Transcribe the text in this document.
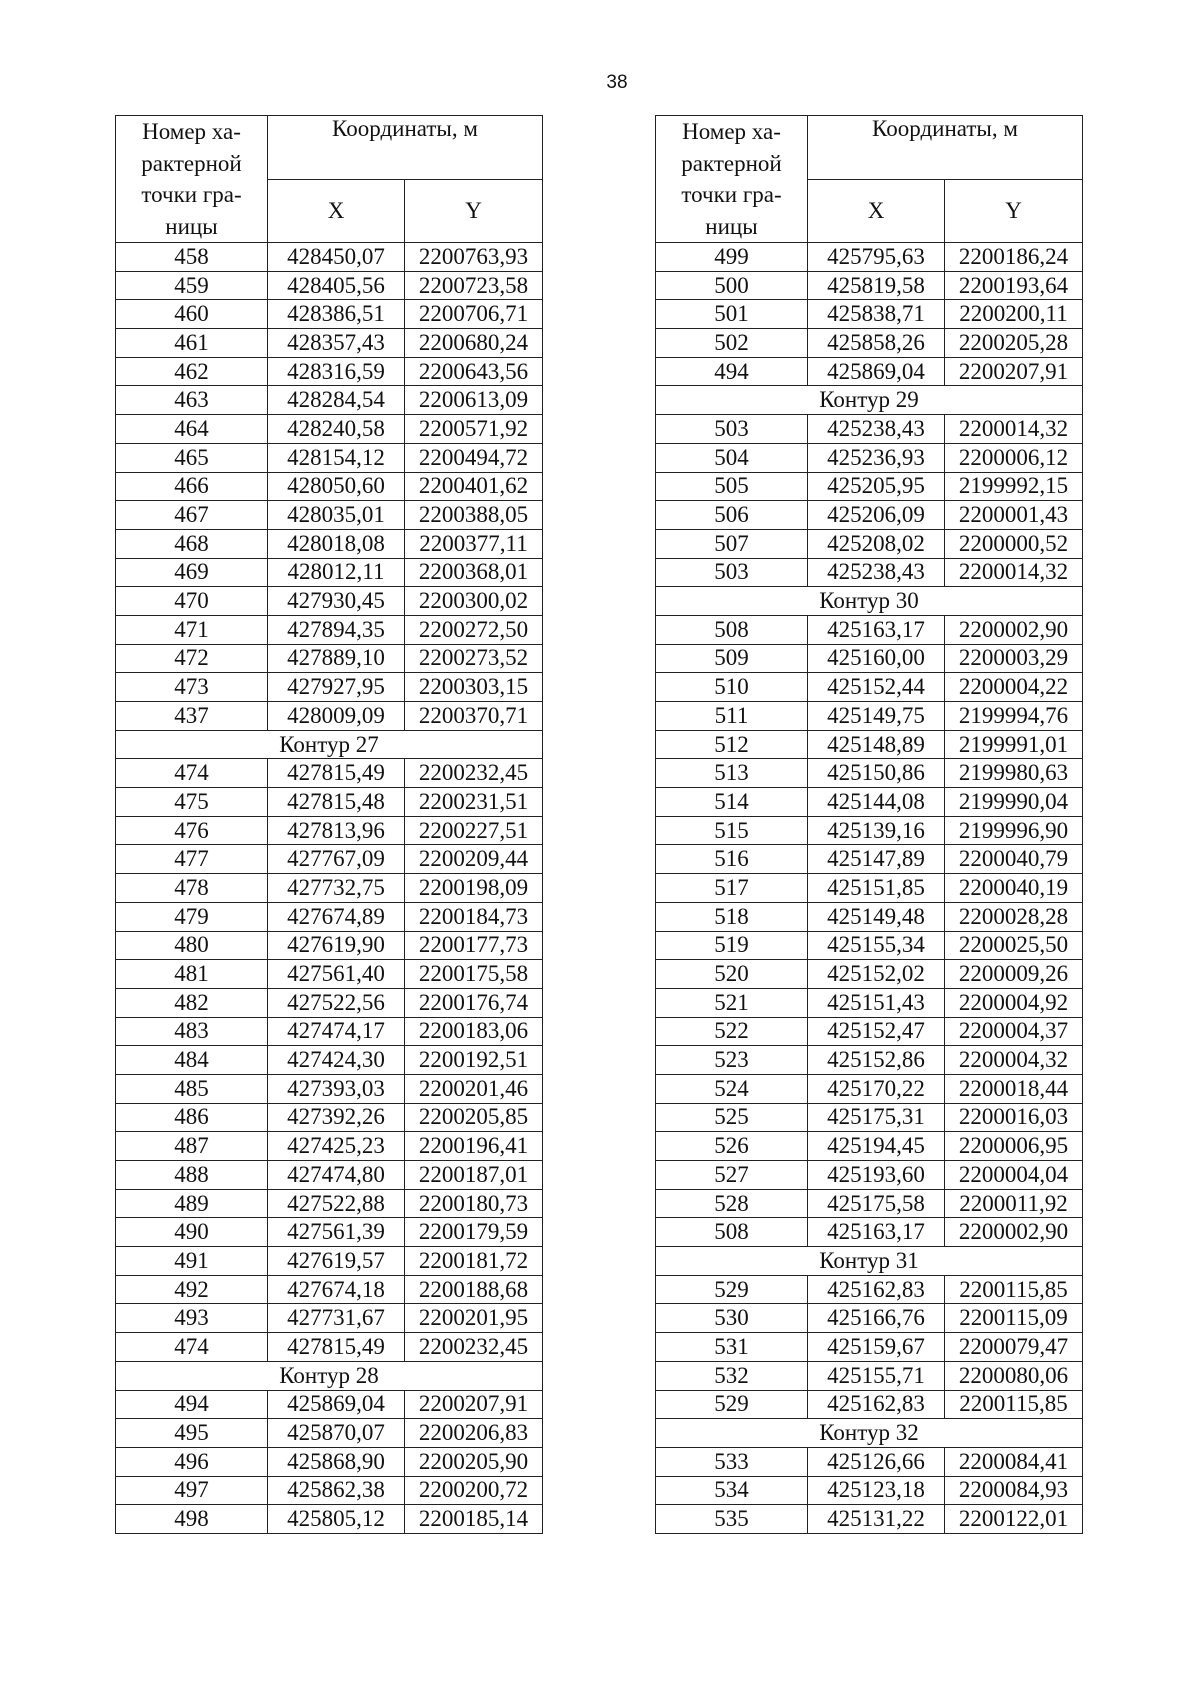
38
Номер ха-
рактерной
точки гра-
ницы	Координаты, м	
	X	Y
458	428450,07	2200763,93
459	428405,56	2200723,58
460	428386,51	2200706,71
461	428357,43	2200680,24
462	428316,59	2200643,56
463	428284,54	2200613,09
464	428240,58	2200571,92
465	428154,12	2200494,72
466	428050,60	2200401,62
467	428035,01	2200388,05
468	428018,08	2200377,11
469	428012,11	2200368,01
470	427930,45	2200300,02
471	427894,35	2200272,50
472	427889,10	2200273,52
473	427927,95	2200303,15
437	428009,09	2200370,71
Контур 27		
474	427815,49	2200232,45
475	427815,48	2200231,51
476	427813,96	2200227,51
477	427767,09	2200209,44
478	427732,75	2200198,09
479	427674,89	2200184,73
480	427619,90	2200177,73
481	427561,40	2200175,58
482	427522,56	2200176,74
483	427474,17	2200183,06
484	427424,30	2200192,51
485	427393,03	2200201,46
486	427392,26	2200205,85
487	427425,23	2200196,41
488	427474,80	2200187,01
489	427522,88	2200180,73
490	427561,39	2200179,59
491	427619,57	2200181,72
492	427674,18	2200188,68
493	427731,67	2200201,95
474	427815,49	2200232,45
Контур 28		
494	425869,04	2200207,91
495	425870,07	2200206,83
496	425868,90	2200205,90
497	425862,38	2200200,72
498	425805,12	2200185,14
Номер ха-
рактерной
точки гра-
ницы	Координаты, м	
	X	Y
499	425795,63	2200186,24
500	425819,58	2200193,64
501	425838,71	2200200,11
502	425858,26	2200205,28
494	425869,04	2200207,91
Контур 29		
503	425238,43	2200014,32
504	425236,93	2200006,12
505	425205,95	2199992,15
506	425206,09	2200001,43
507	425208,02	2200000,52
503	425238,43	2200014,32
Контур 30		
508	425163,17	2200002,90
509	425160,00	2200003,29
510	425152,44	2200004,22
511	425149,75	2199994,76
512	425148,89	2199991,01
513	425150,86	2199980,63
514	425144,08	2199990,04
515	425139,16	2199996,90
516	425147,89	2200040,79
517	425151,85	2200040,19
518	425149,48	2200028,28
519	425155,34	2200025,50
520	425152,02	2200009,26
521	425151,43	2200004,92
522	425152,47	2200004,37
523	425152,86	2200004,32
524	425170,22	2200018,44
525	425175,31	2200016,03
526	425194,45	2200006,95
527	425193,60	2200004,04
528	425175,58	2200011,92
508	425163,17	2200002,90
Контур 31		
529	425162,83	2200115,85
530	425166,76	2200115,09
531	425159,67	2200079,47
532	425155,71	2200080,06
529	425162,83	2200115,85
Контур 32		
533	425126,66	2200084,41
534	425123,18	2200084,93
535	425131,22	2200122,01
